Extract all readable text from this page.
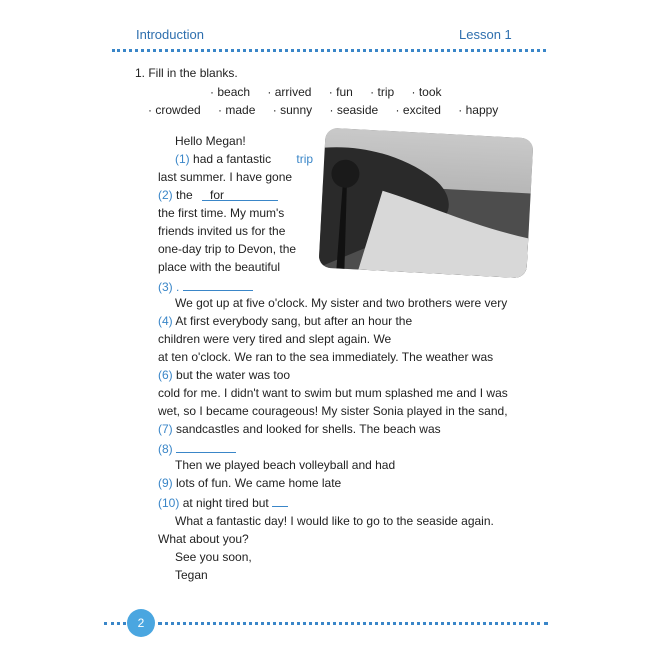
Introduction	Lesson 1
1. Fill in the blanks.
· beach · arrived · fun · trip · took
· crowded · made · sunny · seaside · excited · happy
Hello Megan!
(1) had a fantastic trip
last summer. I have gone
(2) the for
the first time. My mum's
friends invited us for the
one-day trip to Devon, the
place with the beautiful
(3) .
We got up at five o'clock. My sister and two brothers were very
(4) At first everybody sang, but after an hour the
children were very tired and slept again. We
at ten o'clock. We ran to the sea immediately. The weather was
(6) but the water was too
cold for me. I didn't want to swim but mum splashed me and I was
wet, so I became courageous! My sister Sonia played in the sand,
(7) sandcastles and looked for shells. The beach was
(8)
Then we played beach volleyball and had
(9) lots of fun. We came home late
(10) at night tired but
What a fantastic day! I would like to go to the seaside again.
What about you?
See you soon,
Tegan
2
